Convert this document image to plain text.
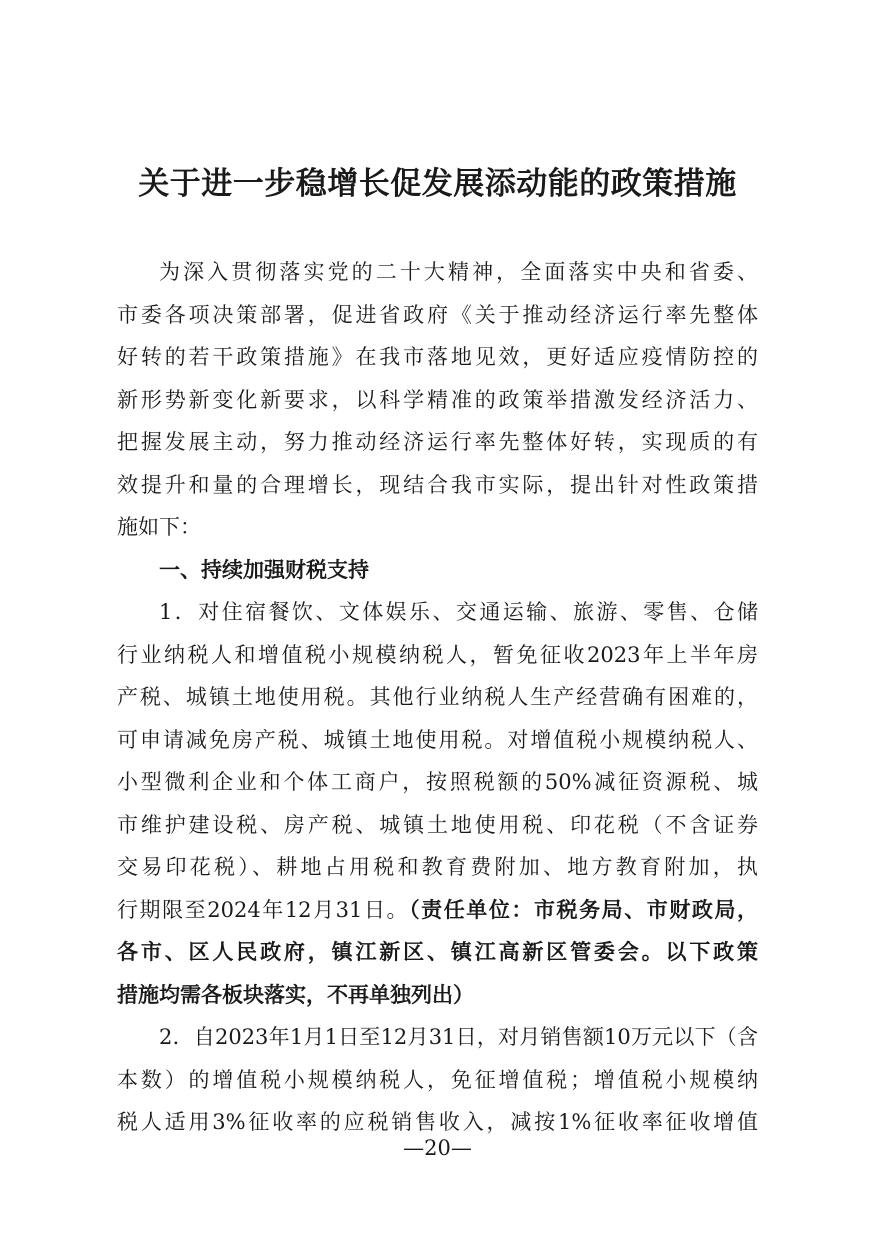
关于进一步稳增长促发展添动能的政策措施
为深入贯彻落实党的二十大精神，全面落实中央和省委、
市委各项决策部署，促进省政府《关于推动经济运行率先整体
好转的若干政策措施》在我市落地见效，更好适应疫情防控的
新形势新变化新要求，以科学精准的政策举措激发经济活力、
把握发展主动，努力推动经济运行率先整体好转，实现质的有
效提升和量的合理增长，现结合我市实际，提出针对性政策措
施如下：
一、持续加强财税支持
1．对住宿餐饮、文体娱乐、交通运输、旅游、零售、仓储
行业纳税人和增值税小规模纳税人，暂免征收2023年上半年房
产税、城镇土地使用税。其他行业纳税人生产经营确有困难的，
可申请减免房产税、城镇土地使用税。对增值税小规模纳税人、
小型微利企业和个体工商户，按照税额的50%减征资源税、城
市维护建设税、房产税、城镇土地使用税、印花税（不含证券
交易印花税）、耕地占用税和教育费附加、地方教育附加，执
行期限至2024年12月31日。（责任单位：市税务局、市财政局，
各市、区人民政府，镇江新区、镇江高新区管委会。以下政策
措施均需各板块落实，不再单独列出）
2．自2023年1月1日至12月31日，对月销售额10万元以下（含
本数）的增值税小规模纳税人，免征增值税；增值税小规模纳
税人适用3%征收率的应税销售收入，减按1%征收率征收增值
—20—
